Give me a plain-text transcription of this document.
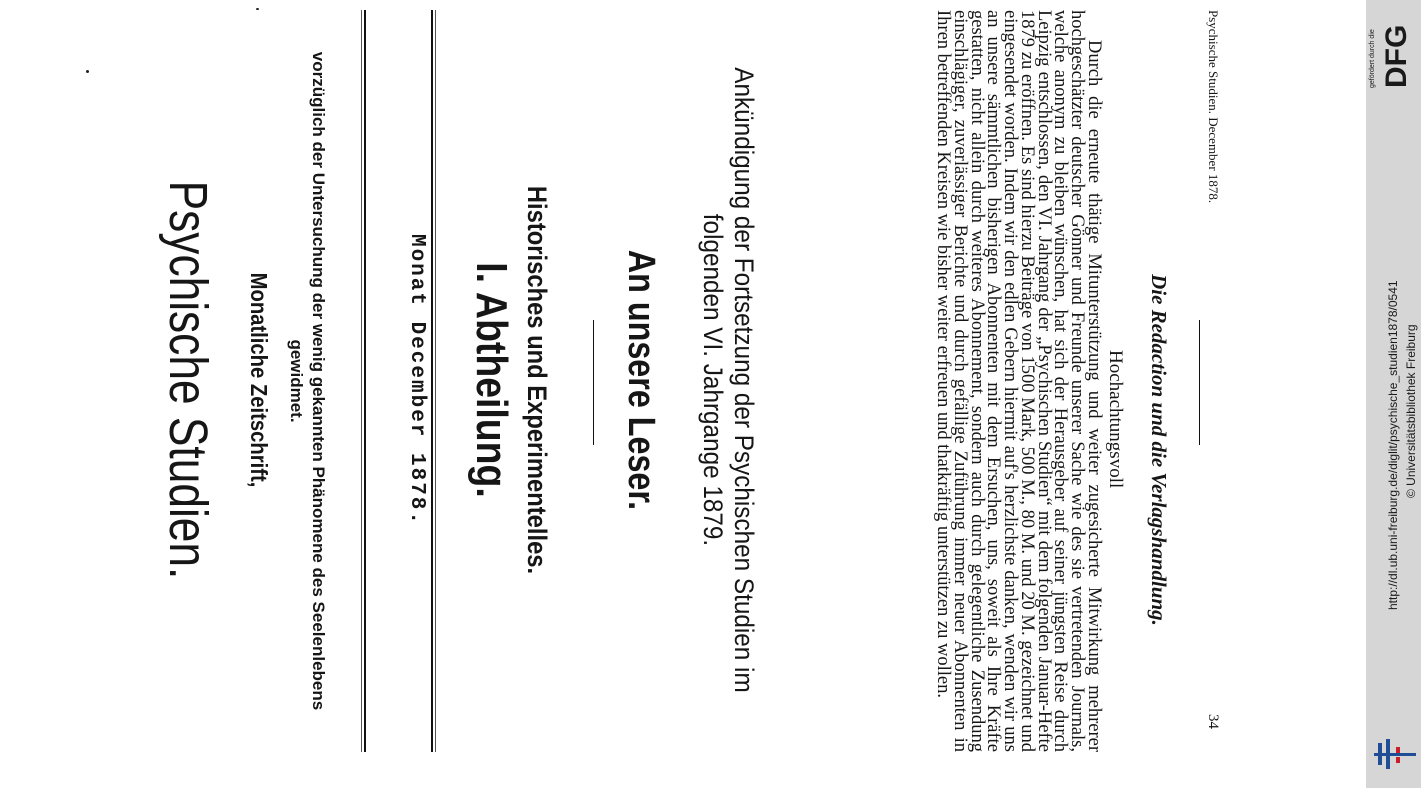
Psychische Studien. Monatliche Zeitschrift,	vorzüglich der Untersuchung der wenig gekannten Phänomene des Seelenlebens gewidmet.	Monat December 1878. I. Abtheilung. Historisches und Experimentelles. An unsere Leser.	Ankündigung der Fortsetzung der Psychischen Studien im folgenden VI. Jahrgange 1879.	Durch die erneute thätige Mitunterstützung und weiter zugesicherte Mitwirkung mehrerer hochgeschätzter deutscher Gönner und Freunde unserer Sache wie des sie vertretenden Journals, welche anonym zu bleiben wünschen, hat sich der Herausgeber auf seiner jüngsten Reise durch Leipzig entschlossen, den VI. Jahrgang der „Psychischen Studien“ mit dem folgenden Januar-Hefte 1879 zu eröffnen. Es sind hierzu Beiträge von 1500 Mark, 500 M., 80 M. und 20 M. gezeichnet und eingesendet worden. Indem wir den edlen Gebern hiermit auf's herzlichste danken, wenden wir uns an unsere sämmtlichen bisherigen Abonnenten mit dem Ersuchen, uns, soweit als Ihre Kräfte gestatten, nicht allein durch weiteres Abonnement, sondern auch durch gelegentliche Zusendung einschlägiger, zuverlässiger Berichte und durch gefällige Zuführung immer neuer Abonnenten in Ihren betreffenden Kreisen wie bisher weiter erfreuen und thatkräftig unterstützen zu wollen.	Hochachtungsvoll Die Redaction und die Verlagshandlung.
Psychische Studien. December 1878.
34
gefördert durch die DFG
http://dl.ub.uni-freiburg.de/diglit/psychische_studien1878/0541 © Universitätsbibliothek Freiburg
